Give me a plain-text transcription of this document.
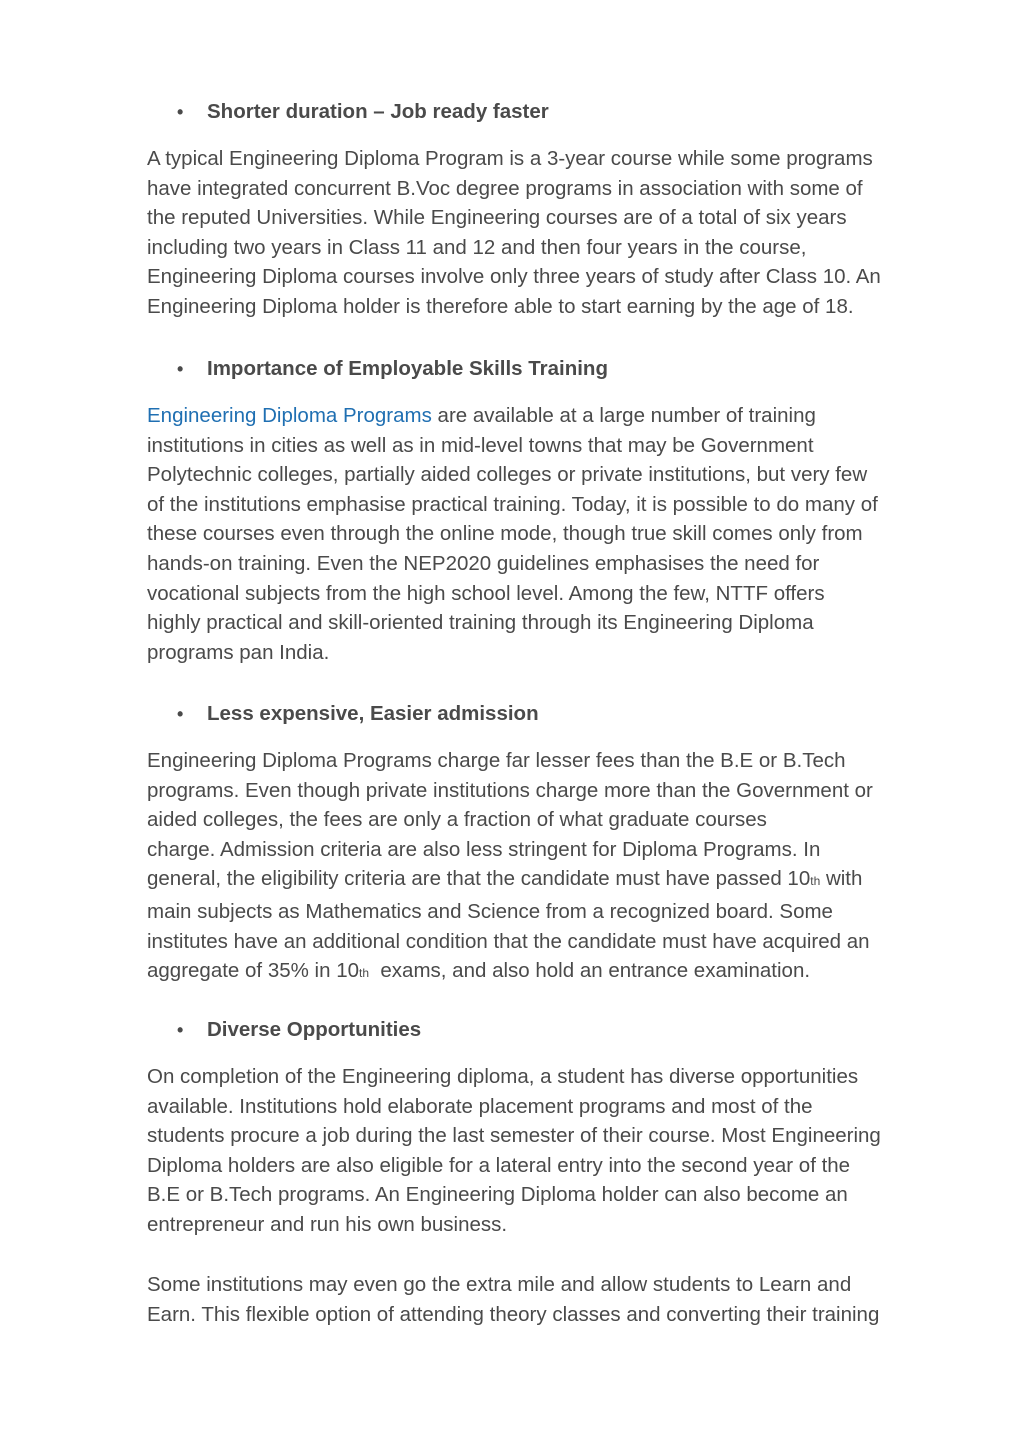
• Shorter duration – Job ready faster
A typical Engineering Diploma Program is a 3-year course while some programs
have integrated concurrent B.Voc degree programs in association with some of
the reputed Universities. While Engineering courses are of a total of six years
including two years in Class 11 and 12 and then four years in the course,
Engineering Diploma courses involve only three years of study after Class 10. An
Engineering Diploma holder is therefore able to start earning by the age of 18.
• Importance of Employable Skills Training
Engineering Diploma Programs are available at a large number of training
institutions in cities as well as in mid-level towns that may be Government
Polytechnic colleges, partially aided colleges or private institutions, but very few
of the institutions emphasise practical training. Today, it is possible to do many of
these courses even through the online mode, though true skill comes only from
hands-on training. Even the NEP2020 guidelines emphasises the need for
vocational subjects from the high school level. Among the few, NTTF offers
highly practical and skill-oriented training through its Engineering Diploma
programs pan India.
• Less expensive, Easier admission
Engineering Diploma Programs charge far lesser fees than the B.E or B.Tech
programs. Even though private institutions charge more than the Government or
aided colleges, the fees are only a fraction of what graduate courses
charge. Admission criteria are also less stringent for Diploma Programs. In
general, the eligibility criteria are that the candidate must have passed 10th with
main subjects as Mathematics and Science from a recognized board. Some
institutes have an additional condition that the candidate must have acquired an
aggregate of 35% in 10th  exams, and also hold an entrance examination.
• Diverse Opportunities
On completion of the Engineering diploma, a student has diverse opportunities
available. Institutions hold elaborate placement programs and most of the
students procure a job during the last semester of their course. Most Engineering
Diploma holders are also eligible for a lateral entry into the second year of the
B.E or B.Tech programs. An Engineering Diploma holder can also become an
entrepreneur and run his own business.
Some institutions may even go the extra mile and allow students to Learn and
Earn. This flexible option of attending theory classes and converting their training
